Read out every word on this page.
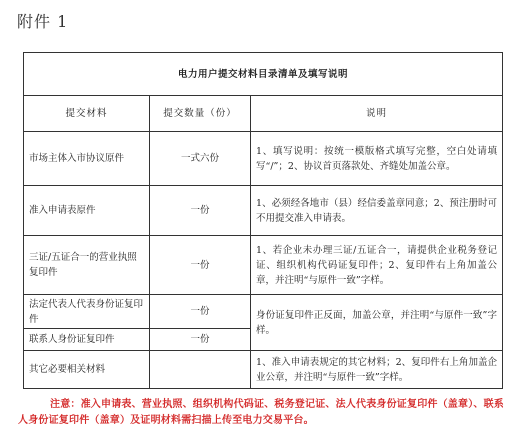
附件 1
电力用户提交材料目录清单及填写说明		
提交材料	提交数量（份）	说明
市场主体入市协议原件	一式六份	1、填写说明：按统一模版格式填写完整，空白处请填写“/”；2、协议首页落款处、齐缝处加盖公章。
准入申请表原件	一份	1、必须经各地市（县）经信委盖章同意；2、预注册时可不用提交准入申请表。
三证/五证合一的营业执照复印件	一份	1、若企业未办理三证/五证合一，请提供企业税务登记证、组织机构代码证复印件；2、复印件右上角加盖公章，并注明“与原件一致”字样。
法定代表人代表身份证复印件	一份	身份证复印件正反面，加盖公章，并注明“与原件一致”字样。
联系人身份证复印件	一份	
其它必要相关材料		1、准入申请表规定的其它材料；2、复印件右上角加盖企业公章，并注明“与原件一致”字样。
注意：准入申请表、营业执照、组织机构代码证、税务登记证、法人代表身份证复印件（盖章）、联系人身份证复印件（盖章）及证明材料需扫描上传至电力交易平台。
